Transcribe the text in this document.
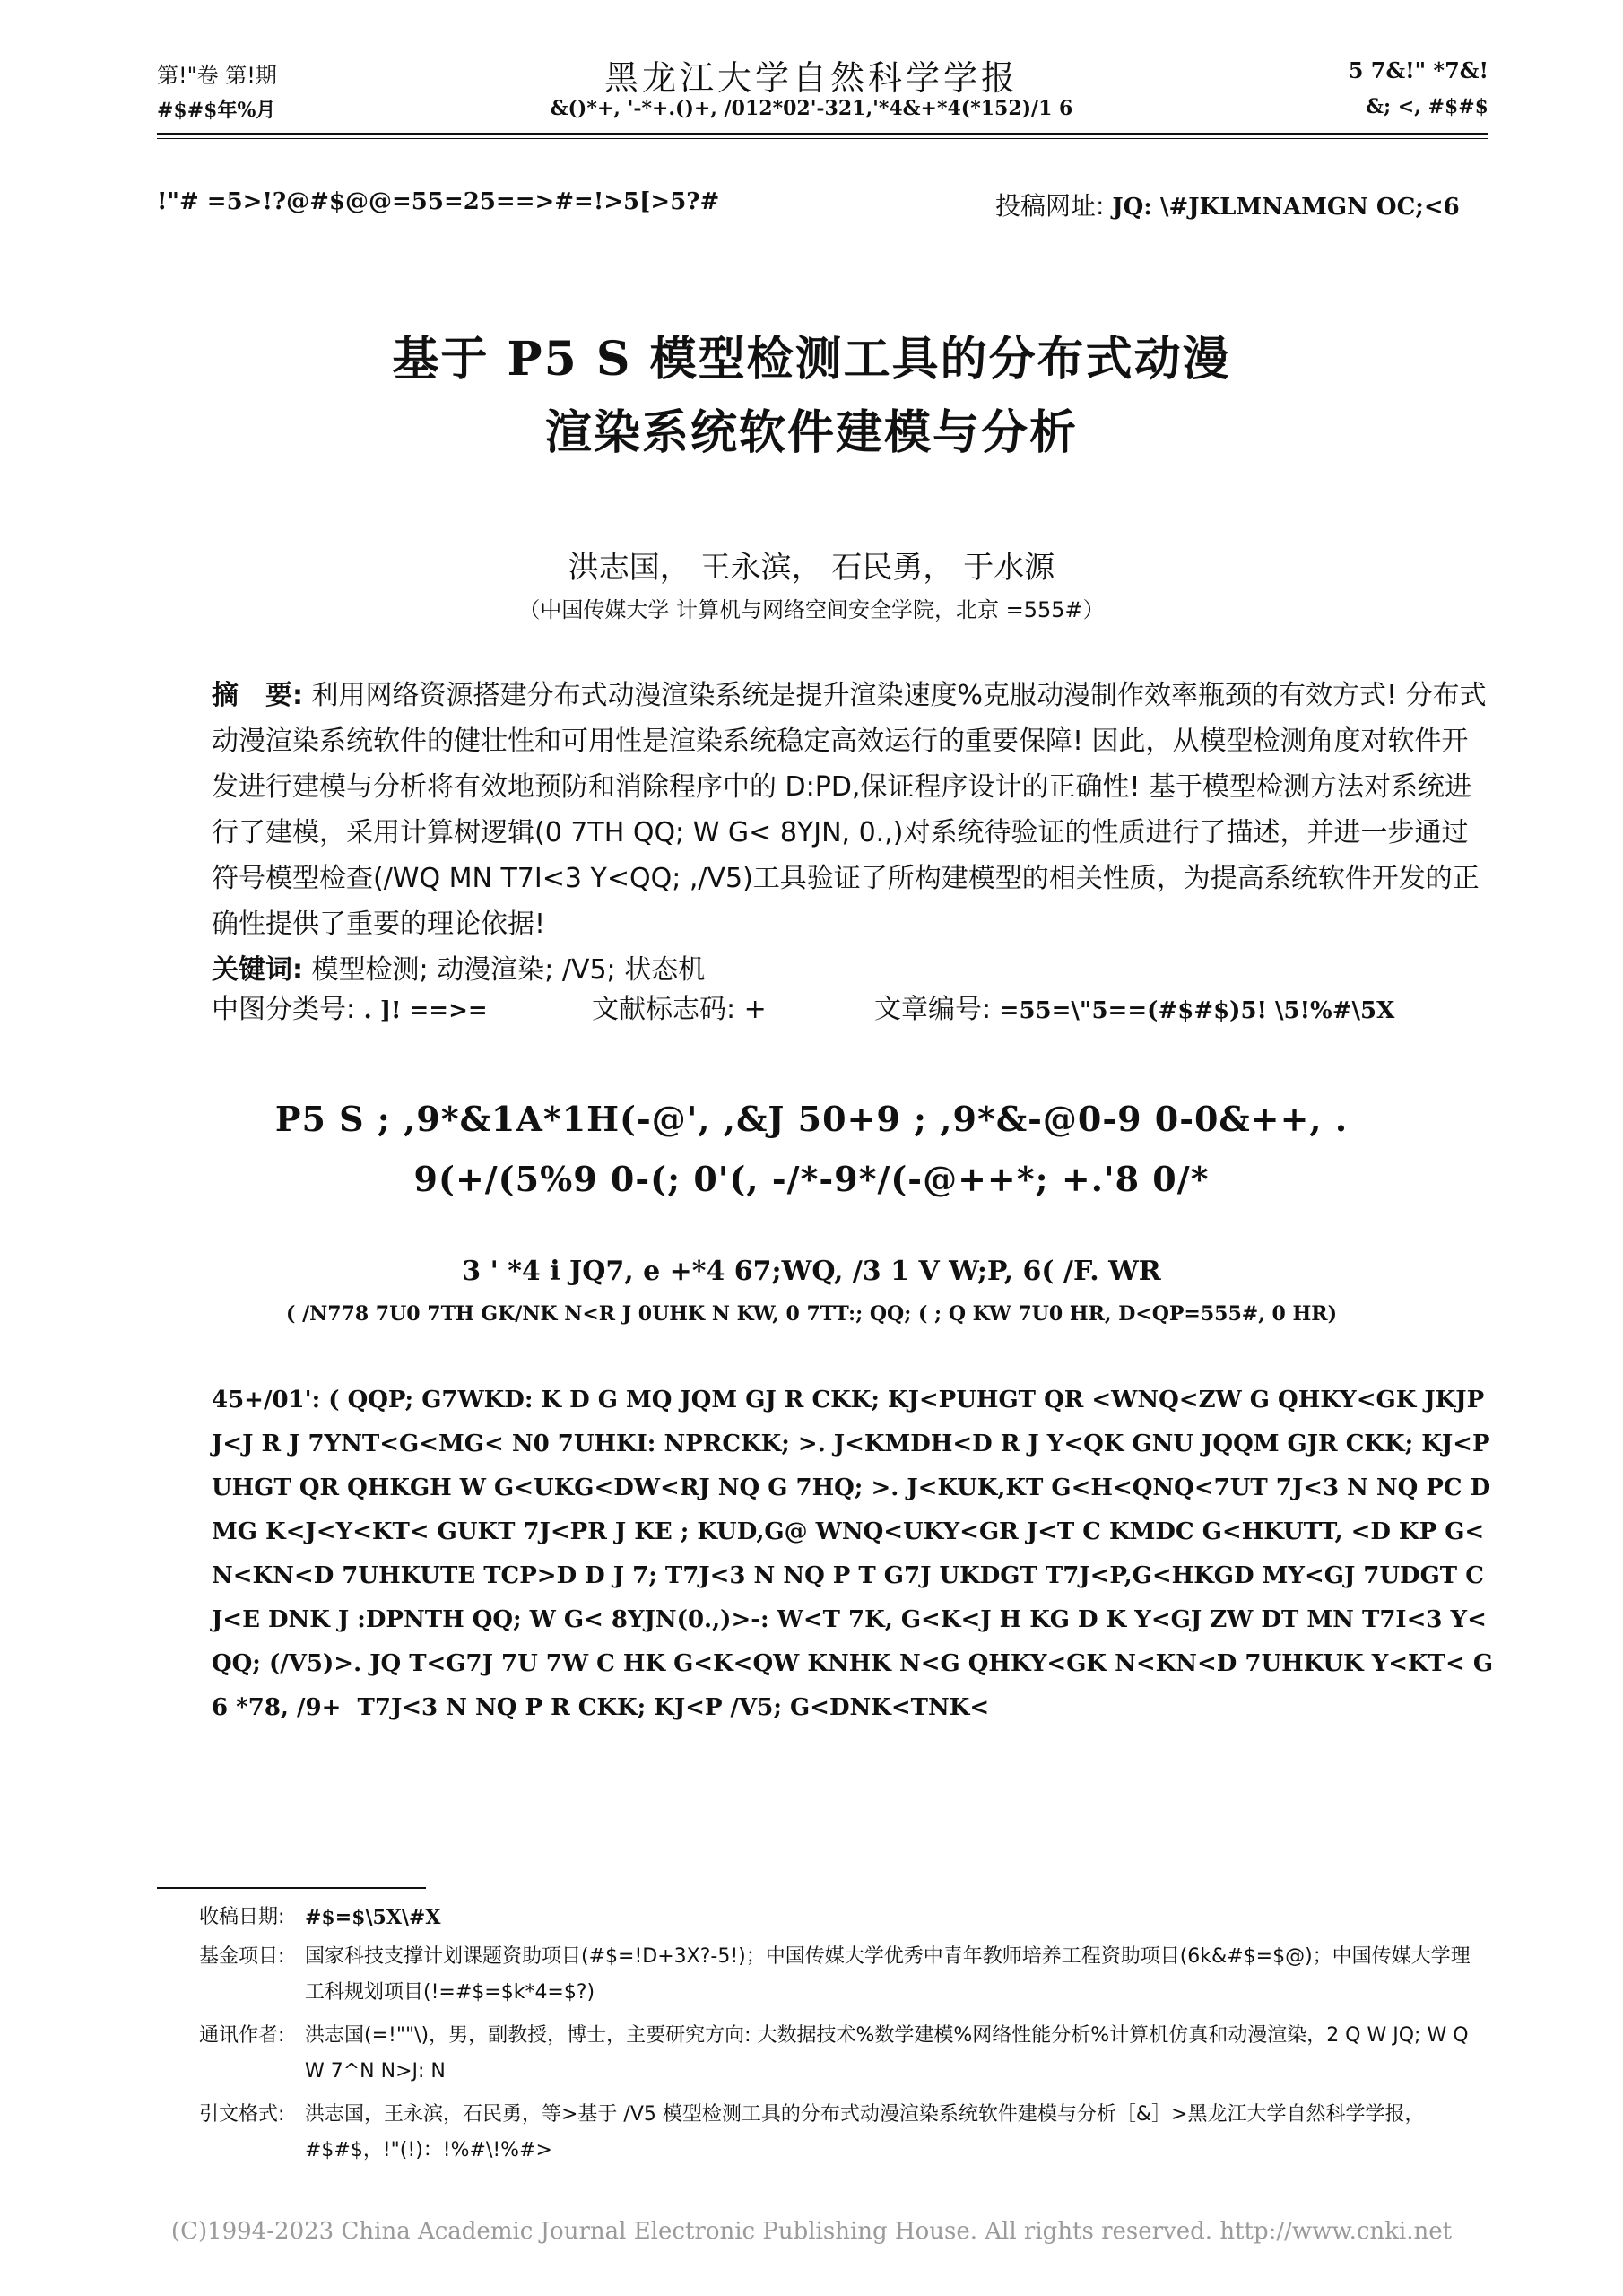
第!"卷 第!期
#$#$年%月
黑龙江大学自然科学学报
&()*+, '-*+.()+, /012*02'-321,'*4&+*4(*152)/1 6
5 7&!" *7&!
&; <, #$#$
!"# =5>!?@#$@@=55=25==>#=!>5[>5?#	投稿网址: JQ: \#JKLMNAMGN OC;<6
基于 P5 S 模型检测工具的分布式动漫
渲染系统软件建模与分析
洪志国， 王永滨， 石民勇， 于水源
（中国传媒大学 计算机与网络空间安全学院，北京 =555#）

摘　要: 利用网络资源搭建分布式动漫渲染系统是提升渲染速度%克服动漫制作效率瓶颈的有效方式! 分布式动漫渲染系统软件的健壮性和可用性是渲染系统稳定高效运行的重要保障! 因此，从模型检测角度对软件开发进行建模与分析将有效地预防和消除程序中的 D:PD,保证程序设计的正确性! 基于模型检测方法对系统进行了建模，采用计算树逻辑(0 7TH QQ; W G< 8YJN, 0.,)对系统待验证的性质进行了描述，并进一步通过符号模型检查(/WQ MN T7I<3 Y<QQ; ,/V5)工具验证了所构建模型的相关性质，为提高系统软件开发的正确性提供了重要的理论依据!

关键词: 模型检测; 动漫渲染; /V5; 状态机

中图分类号: . ]! ==>=	文献标志码: +	文章编号: =55=\"5==(#$#$)5! \5!%#\5X
P5 S ; ,9*&1A*1H(-@', ,&J 50+9 ; ,9*&-@0-9 0-0&++, .
9(+/(5%9 0-(; 0'(, -/*-9*/(-@++*; +.'8 0/*
3 ' *4 i JQ7, e +*4 67;WQ, /3 1 V W;P, 6( /F. WR
( /N778 7U0 7TH GK/NK N<R J 0UHK N KW, 0 7TT:; QQ; ( ; Q KW 7U0 HR, D<QP=555#, 0 HR)
45+/01': ( QQP; G7WKD: K D G MQ JQM GJ R CKK; KJ<PUHGT QR <WNQ<ZW G QHKY<GK JKJPJ<J R J 7YNT<G<MG< N0 7UHKI: NPRCKK; >. J<KMDH<D R J Y<QK GNU JQQM GJR CKK; KJ<PUHGT QR QHKGH W G<UKG<DW<RJ NQ G 7HQ; >. J<KUK,KT G<H<QNQ<7UT 7J<3 N NQ PC DMG K<J<Y<KT< GUKT 7J<PR J KE ; KUD,G@ WNQ<UKY<GR J<T C KMDC G<HKUTT, <D KP G<N<KN<D 7UHKUTE TCP>D D J 7; T7J<3 N NQ P T G7J UKDGT T7J<P,G<HKGD MY<GJ 7UDGT C J<E DNK J :DPNTH QQ; W G< 8YJN(0.,)>-: W<T 7K, G<K<J H KG D K Y<GJ ZW DT MN T7I<3 Y<QQ; (/V5)>. JQ T<G7J 7U 7W C HK G<K<QW KNHK N<G QHKY<GK N<KN<D 7UHKUK Y<KT< G
6 *78, /9+ T7J<3 N NQ P R CKK; KJ<P /V5; G<DNK<TNK<
收稿日期: #$=$\5X\#X
基金项目: 国家科技支撑计划课题资助项目(#$=!D+3X?-5!)；中国传媒大学优秀中青年教师培养工程资助项目(6k&#$=$@)；中国传媒大学理工科规划项目(!=#$=$k*4=$?)
通讯作者: 洪志国(=!""\)，男，副教授，博士，主要研究方向: 大数据技术%数学建模%网络性能分析%计算机仿真和动漫渲染，2 Q W JQ; W Q W 7^N N>J: N
引文格式: 洪志国，王永滨，石民勇，等>基于 /V5 模型检测工具的分布式动漫渲染系统软件建模与分析［&］>黑龙江大学自然科学学报，#$#$，!"(!)：!%#\!%#>
(C)1994-2023 China Academic Journal Electronic Publishing House. All rights reserved. http://www.cnki.net
